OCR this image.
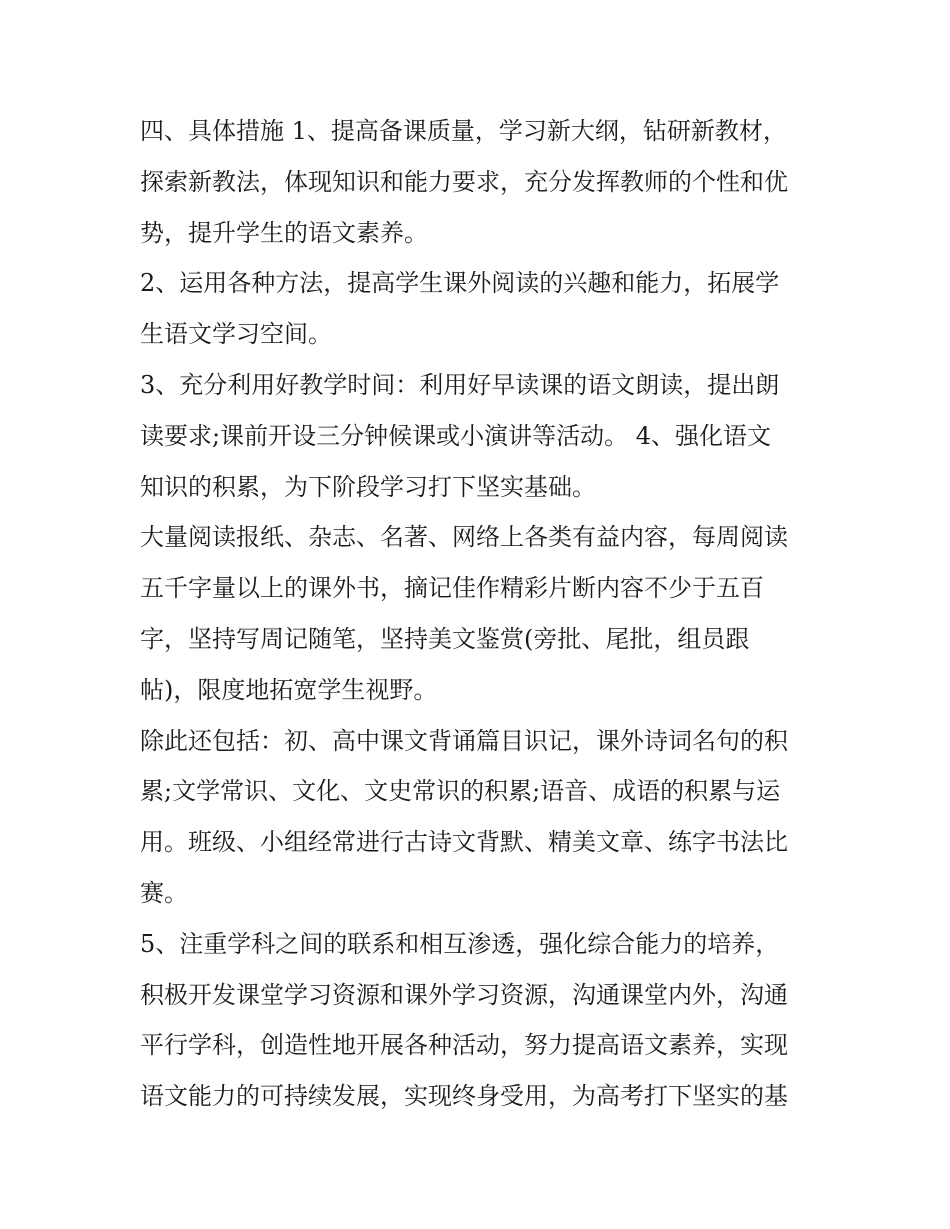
四、具体措施 1、提高备课质量，学习新大纲，钻研新教材，
探索新教法，体现知识和能力要求，充分发挥教师的个性和优
势，提升学生的语文素养。

2、运用各种方法，提高学生课外阅读的兴趣和能力，拓展学
生语文学习空间。

3、充分利用好教学时间：利用好早读课的语文朗读，提出朗
读要求;课前开设三分钟候课或小演讲等活动。 4、强化语文
知识的积累，为下阶段学习打下坚实基础。

大量阅读报纸、杂志、名著、网络上各类有益内容，每周阅读
五千字量以上的课外书，摘记佳作精彩片断内容不少于五百
字，坚持写周记随笔，坚持美文鉴赏(旁批、尾批，组员跟
帖)，限度地拓宽学生视野。

除此还包括：初、高中课文背诵篇目识记，课外诗词名句的积
累;文学常识、文化、文史常识的积累;语音、成语的积累与运
用。班级、小组经常进行古诗文背默、精美文章、练字书法比
赛。

5、注重学科之间的联系和相互渗透，强化综合能力的培养，
积极开发课堂学习资源和课外学习资源，沟通课堂内外，沟通
平行学科，创造性地开展各种活动，努力提高语文素养，实现
语文能力的可持续发展，实现终身受用，为高考打下坚实的基
